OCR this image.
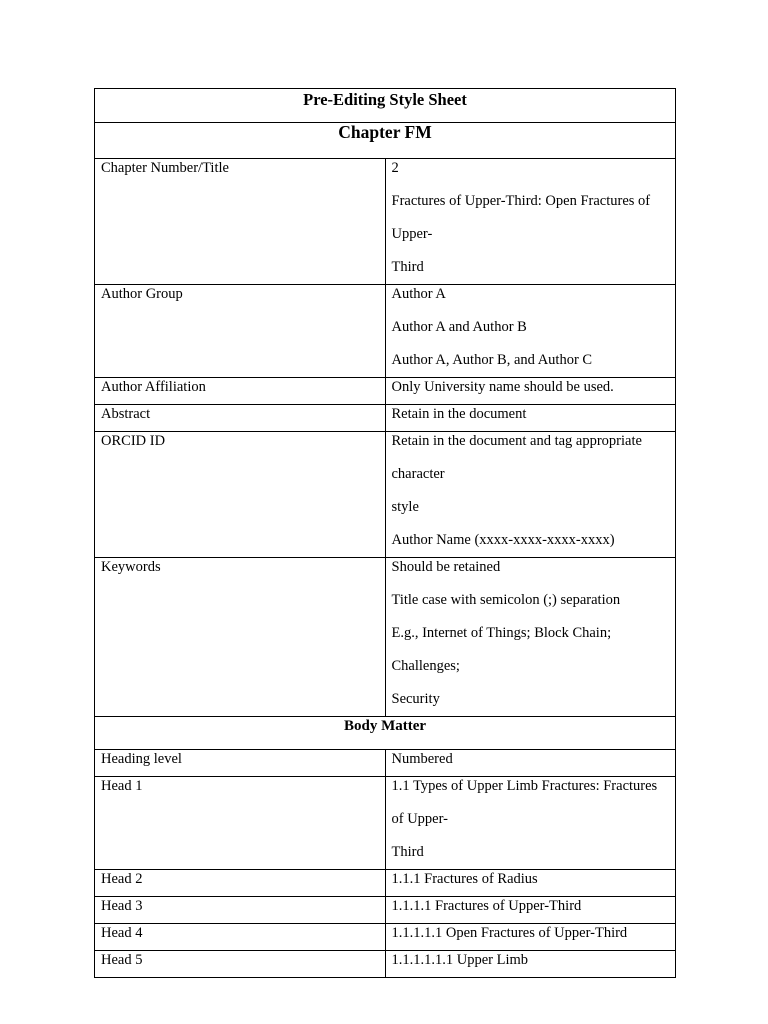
Pre-Editing Style Sheet	
Chapter FM	

Chapter Number/Title	2
Fractures of Upper-Third: Open Fractures of Upper-
Third

Author Group	Author A
Author A and Author B
Author A, Author B, and Author C

Author Affiliation	Only University name should be used.

Abstract	Retain in the document

ORCID ID	Retain in the document and tag appropriate character
style
Author Name (xxxx-xxxx-xxxx-xxxx)

Keywords	Should be retained
Title case with semicolon (;) separation
E.g., Internet of Things; Block Chain; Challenges;
Security

Body Matter	

Heading level	Numbered

Head 1	1.1 Types of Upper Limb Fractures: Fractures of Upper-
Third

Head 2	1.1.1 Fractures of Radius

Head 3	1.1.1.1 Fractures of Upper-Third

Head 4	1.1.1.1.1 Open Fractures of Upper-Third

Head 5	1.1.1.1.1.1 Upper Limb
